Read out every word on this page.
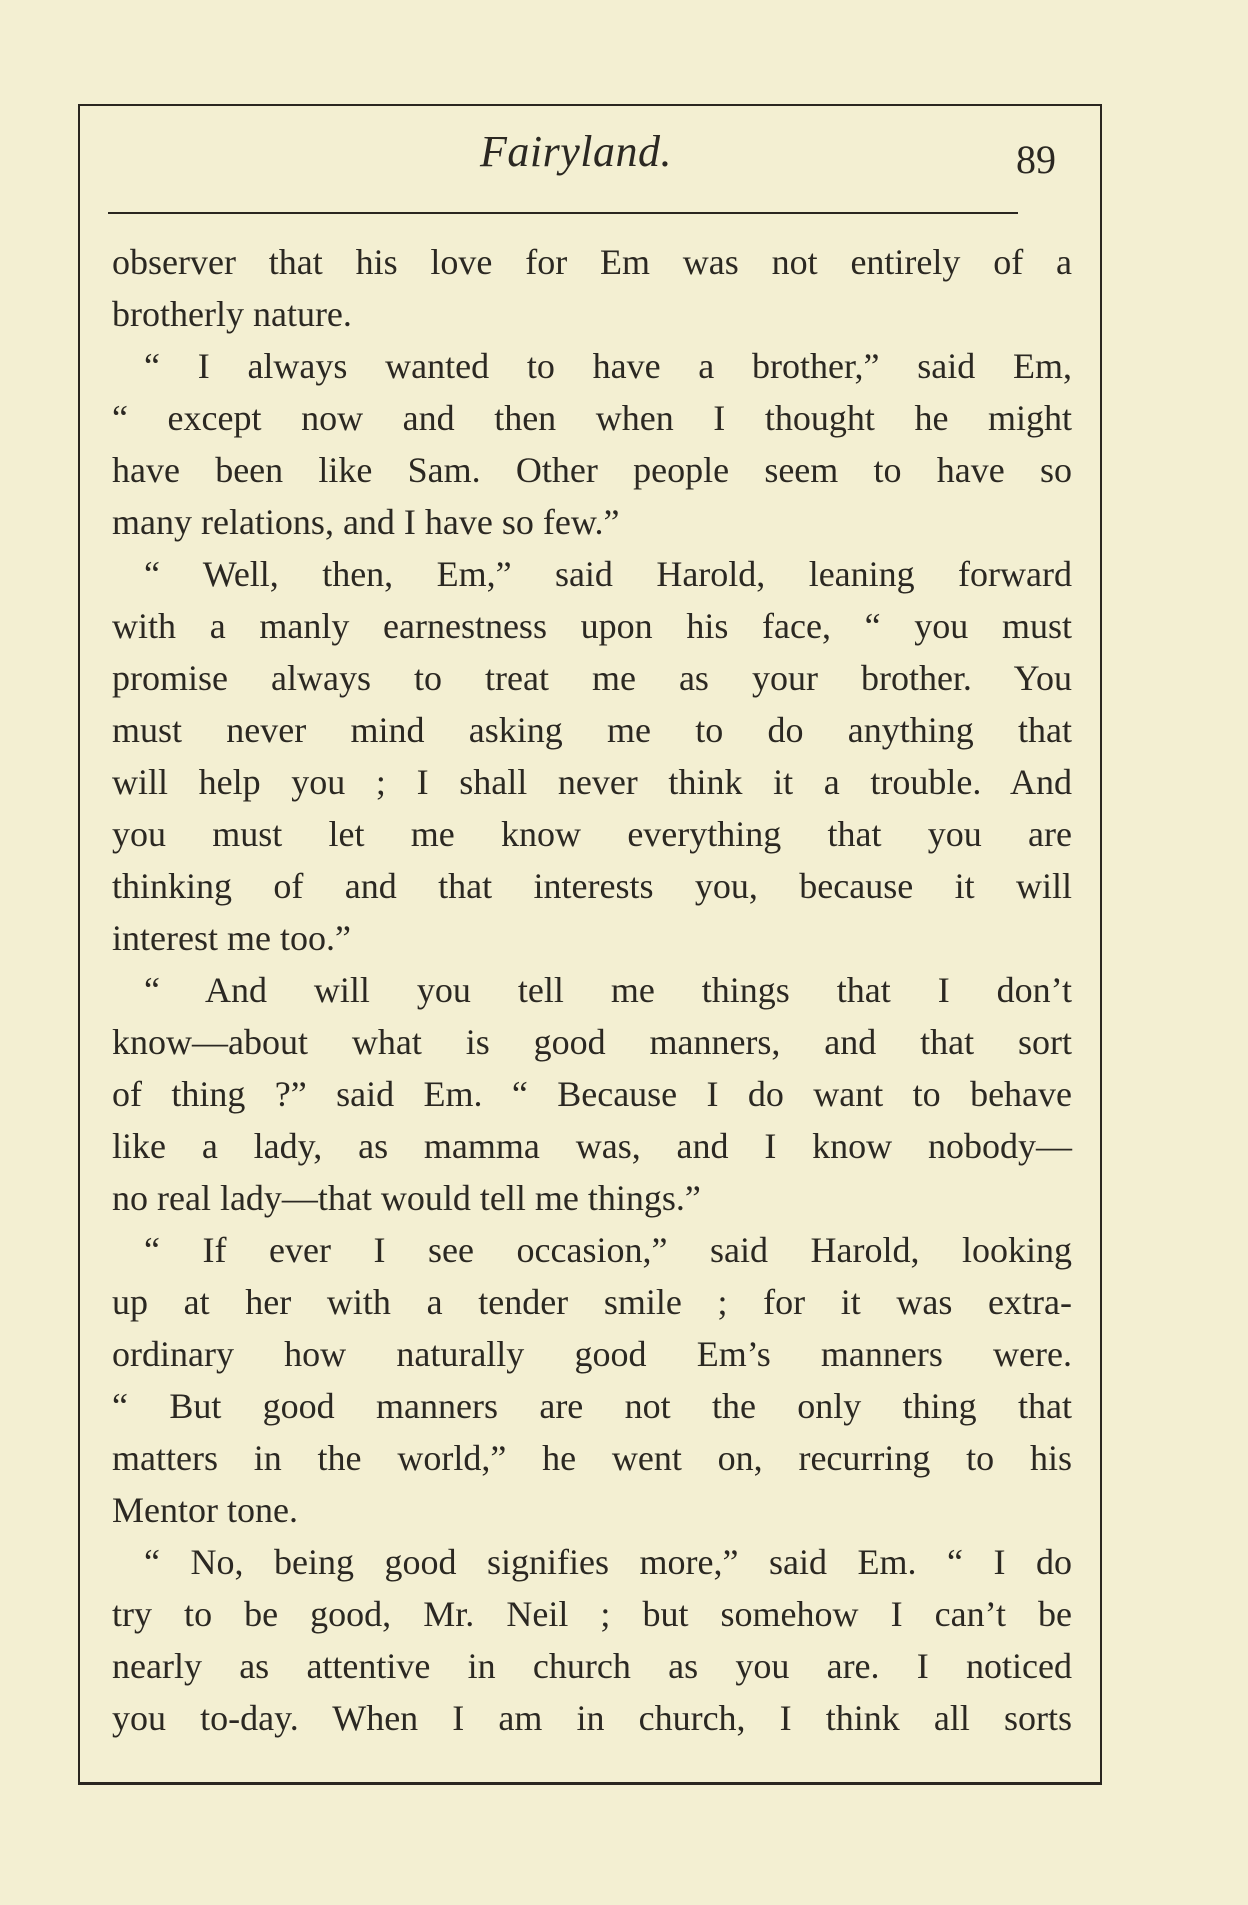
Fairyland.	89
observer that his love for Em was not entirely of a
brotherly nature.
“ I always wanted to have a brother,” said Em,
“ except now and then when I thought he might
have been like Sam. Other people seem to have so
many relations, and I have so few.”
“ Well, then, Em,” said Harold, leaning forward
with a manly earnestness upon his face, “ you must
promise always to treat me as your brother. You
must never mind asking me to do anything that
will help you ; I shall never think it a trouble. And
you must let me know everything that you are
thinking of and that interests you, because it will
interest me too.”
“ And will you tell me things that I don’t
know—about what is good manners, and that sort
of thing ?” said Em. “ Because I do want to behave
like a lady, as mamma was, and I know nobody—
no real lady—that would tell me things.”
“ If ever I see occasion,” said Harold, looking
up at her with a tender smile ; for it was extra-
ordinary how naturally good Em’s manners were.
“ But good manners are not the only thing that
matters in the world,” he went on, recurring to his
Mentor tone.
“ No, being good signifies more,” said Em. “ I do
try to be good, Mr. Neil ; but somehow I can’t be
nearly as attentive in church as you are. I noticed
you to-day. When I am in church, I think all sorts
